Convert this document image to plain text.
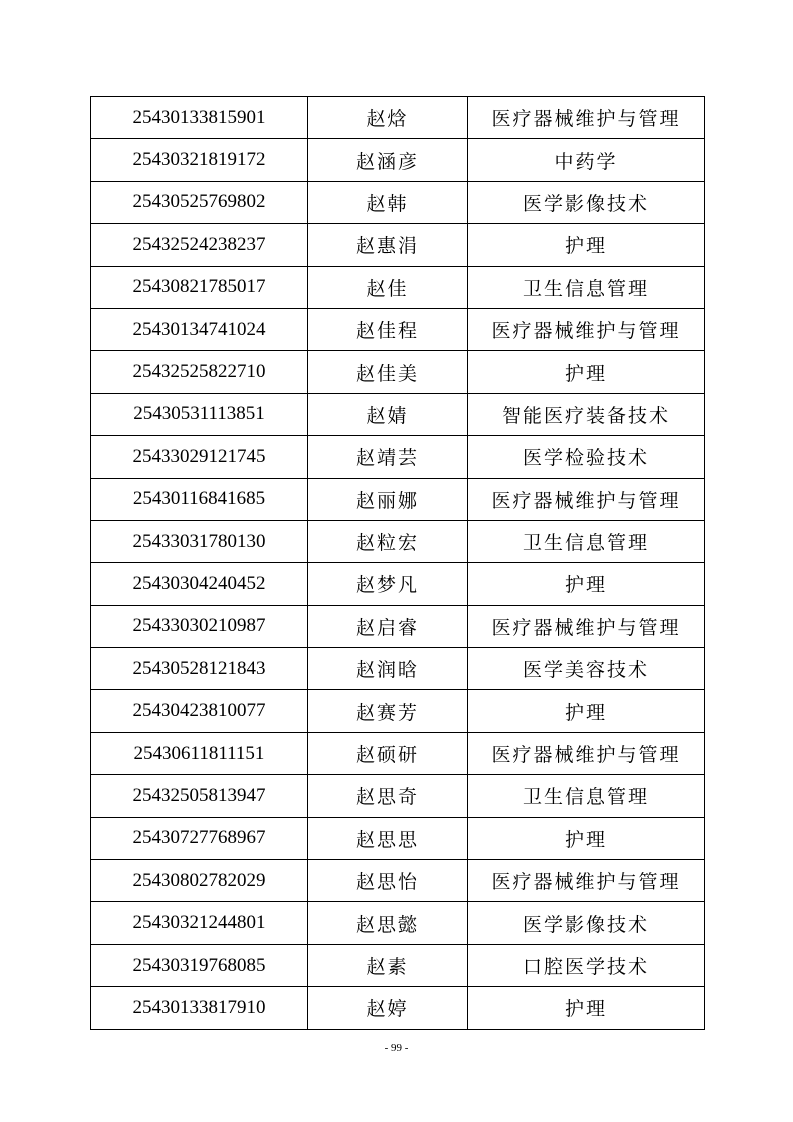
25430133815901	赵焓	医疗器械维护与管理
25430321819172	赵涵彦	中药学
25430525769802	赵韩	医学影像技术
25432524238237	赵惠涓	护理
25430821785017	赵佳	卫生信息管理
25430134741024	赵佳程	医疗器械维护与管理
25432525822710	赵佳美	护理
25430531113851	赵婧	智能医疗装备技术
25433029121745	赵靖芸	医学检验技术
25430116841685	赵丽娜	医疗器械维护与管理
25433031780130	赵粒宏	卫生信息管理
25430304240452	赵梦凡	护理
25433030210987	赵启睿	医疗器械维护与管理
25430528121843	赵润晗	医学美容技术
25430423810077	赵赛芳	护理
25430611811151	赵硕研	医疗器械维护与管理
25432505813947	赵思奇	卫生信息管理
25430727768967	赵思思	护理
25430802782029	赵思怡	医疗器械维护与管理
25430321244801	赵思懿	医学影像技术
25430319768085	赵素	口腔医学技术
25430133817910	赵婷	护理
- 99 -
